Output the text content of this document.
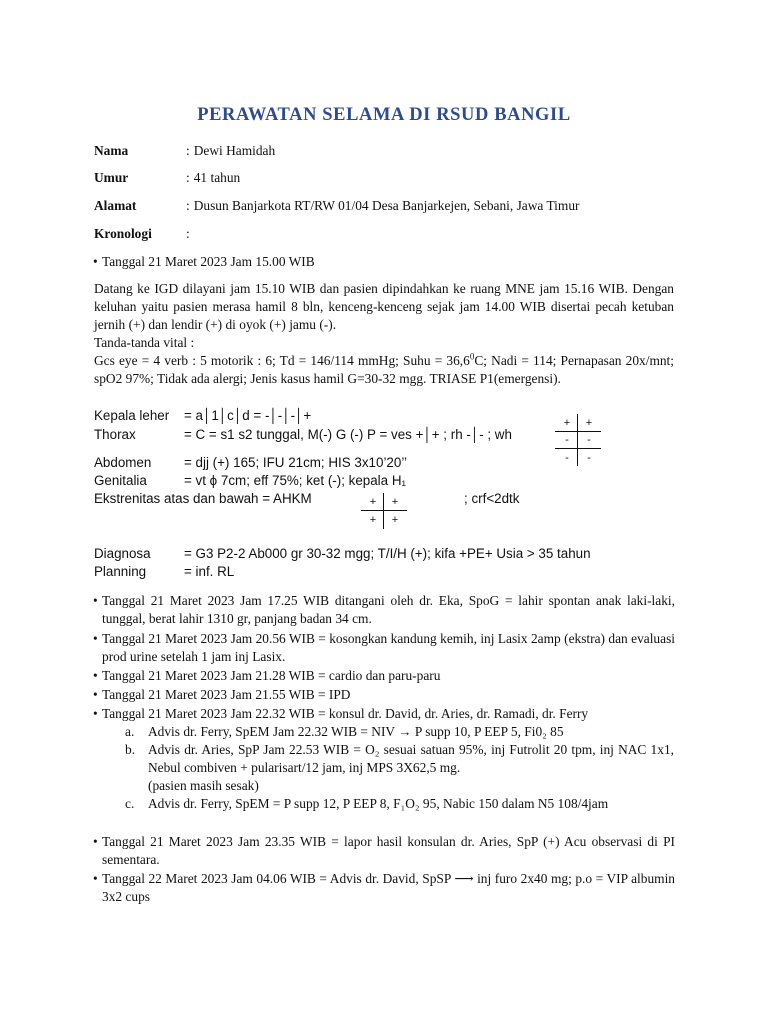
PERAWATAN SELAMA DI RSUD BANGIL
Nama	: Dewi Hamidah
Umur	: 41 tahun
Alamat	: Dusun Banjarkota RT/RW 01/04 Desa Banjarkejen, Sebani, Jawa Timur
Kronologi	:
• Tanggal 21 Maret 2023 Jam 15.00 WIB
Datang ke IGD dilayani jam 15.10 WIB dan pasien dipindahkan ke ruang MNE jam 15.16 WIB. Dengan keluhan yaitu pasien merasa hamil 8 bln, kenceng-kenceng sejak jam 14.00 WIB disertai pecah ketuban jernih (+) dan lendir (+) di oyok (+) jamu (-).
Tanda-tanda vital :
Gcs eye = 4 verb : 5 motorik : 6; Td = 146/114 mmHg; Suhu = $36,6^0C$; Nadi = 114; Pernapasan 20x/mnt; spO2 97%; Tidak ada alergi; Jenis kasus hamil G=30-32 mgg. TRIASE P1(emergensi).
Kepala leher = a│1│c│d = -│-│-│+
Thorax	= C = s1 s2 tunggal, M(-) G (-) P = ves +│+ ; rh -│- ; wh
+	+
-	-
-	-
Abdomen = djj (+) 165; IFU 21cm; HIS 3x10’20’’
Genitalia	= vt ϕ 7cm; eff 75%; ket (-); kepala H₁
Ekstrenitas atas dan bawah = AHKM	+	+
+	+
; crf<2dtk
Diagnosa = G3 P2-2 Ab000 gr 30-32 mgg; T/I/H (+); kifa +PE+ Usia > 35 tahun
Planning	= inf. RL
• Tanggal 21 Maret 2023 Jam 17.25 WIB ditangani oleh dr. Eka, SpoG = lahir spontan anak laki-laki, tunggal, berat lahir 1310 gr, panjang badan 34 cm.
• Tanggal 21 Maret 2023 Jam 20.56 WIB = kosongkan kandung kemih, inj Lasix 2amp (ekstra) dan evaluasi prod urine setelah 1 jam inj Lasix.
• Tanggal 21 Maret 2023 Jam 21.28 WIB = cardio dan paru-paru
• Tanggal 21 Maret 2023 Jam 21.55 WIB = IPD
• Tanggal 21 Maret 2023 Jam 22.32 WIB = konsul dr. David, dr. Aries, dr. Ramadi, dr. Ferry
a. Advis dr. Ferry, SpEM Jam 22.32 WIB = NIV → P supp 10, P EEP 5, Fi0₂ 85
b. Advis dr. Aries, SpP Jam 22.53 WIB = O₂ sesuai satuan 95%, inj Futrolit 20 tpm, inj NAC 1x1, Nebul combiven + pularisart/12 jam, inj MPS 3X62,5 mg.
(pasien masih sesak)
c. Advis dr. Ferry, SpEM = P supp 12, P EEP 8, F₁O₂ 95, Nabic 150 dalam N5 108/4jam
• Tanggal 21 Maret 2023 Jam 23.35 WIB = lapor hasil konsulan dr. Aries, SpP (+) Acu observasi di PI sementara.
• Tanggal 22 Maret 2023 Jam 04.06 WIB = Advis dr. David, SpSP ⟶ inj furo 2x40 mg; p.o = VIP albumin 3x2 cups
